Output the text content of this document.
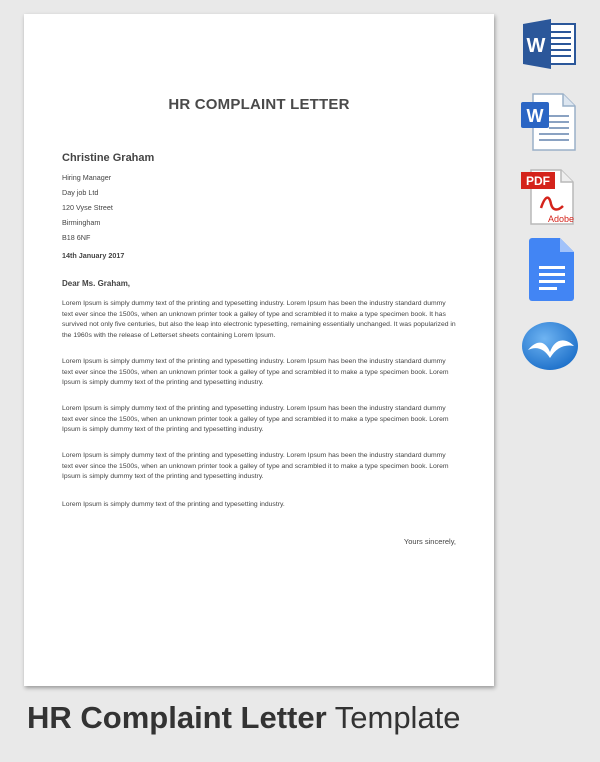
HR COMPLAINT LETTER
Christine Graham
Hiring Manager
Day job Ltd
120 Vyse Street
Birmingham
B18 6NF
14th January 2017
Dear Ms. Graham,

Lorem Ipsum is simply dummy text of the printing and typesetting industry. Lorem Ipsum has been the industry standard dummy text ever since the 1500s, when an unknown printer took a galley of type and scrambled it to make a type specimen book. It has survived not only five centuries, but also the leap into electronic typesetting, remaining essentially unchanged. It was popularized in the 1960s with the release of Letterset sheets containing Lorem Ipsum.

Lorem Ipsum is simply dummy text of the printing and typesetting industry. Lorem Ipsum has been the industry standard dummy text ever since the 1500s, when an unknown printer took a galley of type and scrambled it to make a type specimen book. Lorem Ipsum is simply dummy text of the printing and typesetting industry.

Lorem Ipsum is simply dummy text of the printing and typesetting industry. Lorem Ipsum has been the industry standard dummy text ever since the 1500s, when an unknown printer took a galley of type and scrambled it to make a type specimen book. Lorem Ipsum is simply dummy text of the printing and typesetting industry.

Lorem Ipsum is simply dummy text of the printing and typesetting industry. Lorem Ipsum has been the industry standard dummy text ever since the 1500s, when an unknown printer took a galley of type and scrambled it to make a type specimen book. Lorem Ipsum is simply dummy text of the printing and typesetting industry.

Lorem Ipsum is simply dummy text of the printing and typesetting industry.

Yours sincerely,
W
W
PDF
Adobe
HR Complaint Letter Template
